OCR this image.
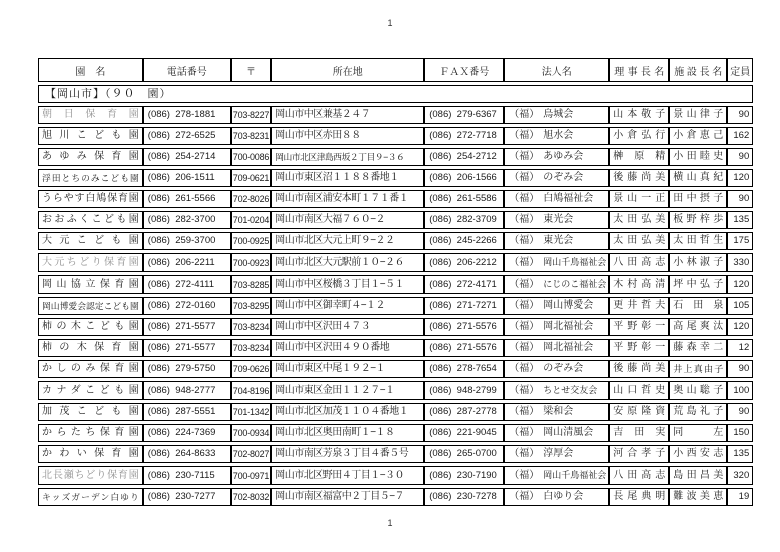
1
園　名	電話番号	〒	所在地	ＦＡＸ番号	法人名	理事長名	施設長名	定員
【岡山市】（９０　園）								
朝日保育園	(086)  278-1881	703-8227	岡山市中区兼基２４７	(086)  279-6367	（福） 烏城会	山本敬子	景山律子	90
旭川こども園	(086)  272-6525	703-8231	岡山市中区赤田８８	(086)  272-7718	（福） 旭水会	小倉弘行	小倉恵己	162
あゆみ保育園	(086)  254-2714	700-0086	岡山市北区津島西坂２丁目９−３６	(086)  254-2712	（福） あゆみ会	榊原精	小田睦史	90
浮田とちのみこども園	(086)  206-1511	709-0621	岡山市東区沼１１８８番地１	(086)  206-1566	（福） のぞみ会	後藤尚美	横山真紀	120
うらやす白鳩保育園	(086)  261-5566	702-8026	岡山市南区浦安本町１７１番１	(086)  261-5586	（福） 白鳩福祉会	景山一正	田中摂子	90
おおふくこども園	(086)  282-3700	701-0204	岡山市南区大福７６０−２	(086)  282-3709	（福） 東光会	太田弘美	板野梓歩	135
大元こども園	(086)  259-3700	700-0925	岡山市北区大元上町９−２２	(086)  245-2266	（福） 東光会	太田弘美	太田哲生	175
大元ちどり保育園	(086)  206-2211	700-0923	岡山市北区大元駅前１０−２６	(086)  206-2212	（福） 岡山千鳥福祉会	八田高志	小林淑子	330
岡山協立保育園	(086)  272-4111	703-8285	岡山市中区桜橋３丁目１−５１	(086)  272-4171	（福） にじのこ福祉会	木村高清	坪中弘子	120
岡山博愛会認定こども園	(086)  272-0160	703-8295	岡山市中区御幸町４−１２	(086)  271-7271	（福） 岡山博愛会	更井哲夫	石田泉	105
柿の木こども園	(086)  271-5577	703-8234	岡山市中区沢田４７３	(086)  271-5576	（福） 岡北福祉会	平野彰一	高尾爽汰	120
柿の木保育園	(086)  271-5577	703-8234	岡山市中区沢田４９０番地	(086)  271-5576	（福） 岡北福祉会	平野彰一	藤森幸二	12
かしのみ保育園	(086)  279-5750	709-0626	岡山市東区中尾１９２−１	(086)  278-7654	（福） のぞみ会	後藤尚美	井上真由子	90
カナダこども園	(086)  948-2777	704-8196	岡山市東区金田１１２７−１	(086)  948-2799	（福） ちとせ交友会	山口哲史	奥山聡子	100
加茂こども園	(086)  287-5551	701-1342	岡山市北区加茂１１０４番地１	(086)  287-2778	（福） 梁和会	安原隆資	荒島礼子	90
からたち保育園	(086)  224-7369	700-0934	岡山市北区奥田南町１−１８	(086)  221-9045	（福） 岡山清風会	吉田実	同左	150
かわい保育園	(086)  264-8633	702-8027	岡山市南区芳泉３丁目４番５号	(086)  265-0700	（福） 淳厚会	河合孝子	小西安志	135
北長瀬ちどり保育園	(086)  230-7115	700-0971	岡山市北区野田４丁目１−３０	(086)  230-7190	（福） 岡山千鳥福祉会	八田高志	島田昌美	320
キッズガーデン白ゆり	(086)  230-7277	702-8032	岡山市南区福富中２丁目５−７	(086)  230-7278	（福） 白ゆり会	長尾典明	難波美恵	19
1
